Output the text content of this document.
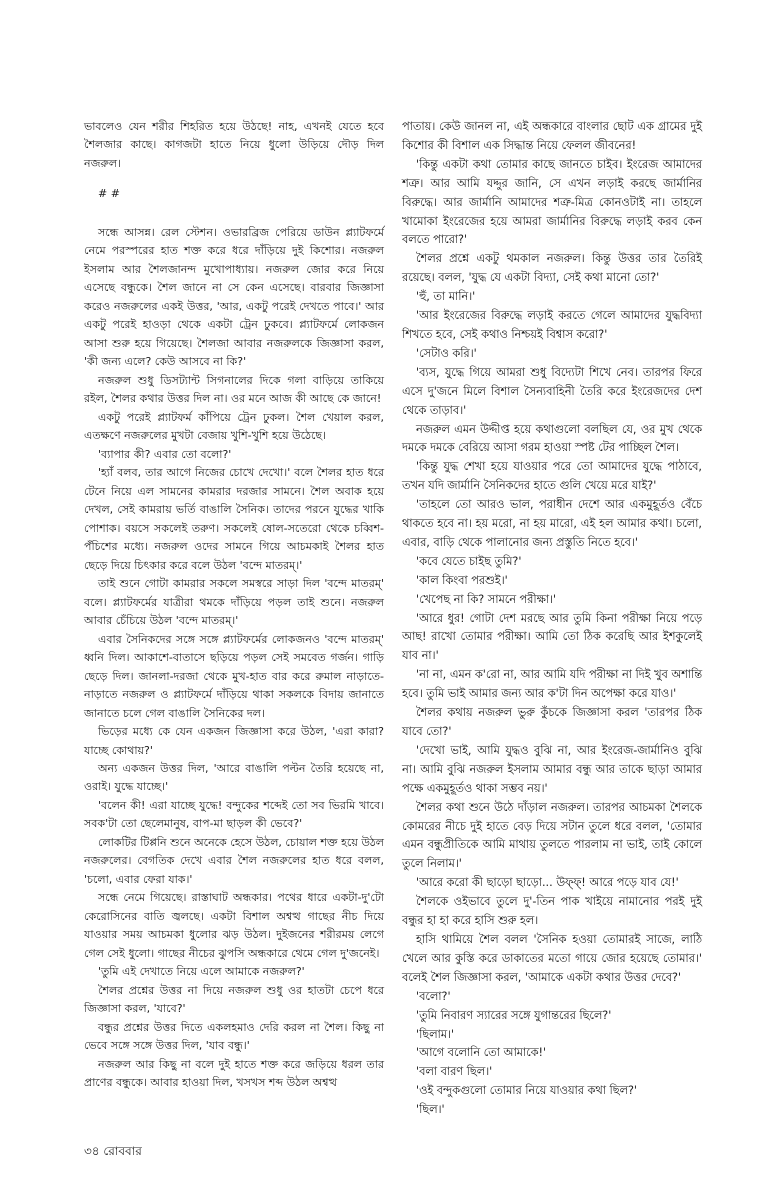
ভাবলেও যেন শরীর শিহরিত হয়ে উঠছে! নাহ, এখনই যেতে হবে শৈলজার কাছে। কাগজটা হাতে নিয়ে ধুলো উড়িয়ে দৌড় দিল নজরুল।

# #

সন্ধে আসন্ন। রেল স্টেশন। ওভারব্রিজ পেরিয়ে ডাউন প্ল্যাটফর্মে নেমে পরস্পরের হাত শক্ত করে ধরে দাঁড়িয়ে দুই কিশোর। নজরুল ইসলাম আর শৈলজানন্দ মুখোপাধ্যায়। নজরুল জোর করে নিয়ে এসেছে বন্ধুকে। শৈল জানে না সে কেন এসেছে। বারবার জিজ্ঞাসা করেও নজরুলের একই উত্তর, 'আর, একটু পরেই দেখতে পাবে।' আর একটু পরেই হাওড়া থেকে একটা ট্রেন ঢুকবে। প্ল্যাটফর্মে লোকজন আসা শুরু হয়ে গিয়েছে। শৈলজা আবার নজরুলকে জিজ্ঞাসা করল, 'কী জন্য এলে? কেউ আসবে না কি?'

নজরুল শুধু ডিসট্যান্ট সিগনালের দিকে গলা বাড়িয়ে তাকিয়ে রইল, শৈলর কথার উত্তর দিল না। ওর মনে আজ কী আছে কে জানে!

একটু পরেই প্ল্যাটফর্ম কাঁপিয়ে ট্রেন ঢুকল। শৈল খেয়াল করল, এতক্ষণে নজরুলের মুখটা বেজায় খুশি-খুশি হয়ে উঠেছে।

'ব্যাপার কী? এবার তো বলো?'

'হ্যাঁ বলব, তার আগে নিজের চোখে দেখো।' বলে শৈলর হাত ধরে টেনে নিয়ে এল সামনের কামরার দরজার সামনে। শৈল অবাক হয়ে দেখল, সেই কামরায় ভর্তি বাঙালি সৈনিক। তাদের পরনে যুদ্ধের খাকি পোশাক। বয়সে সকলেই তরুণ। সকলেই ষোল-সতেরো থেকে চব্বিশ-পঁচিশের মধ্যে। নজরুল ওদের সামনে গিয়ে আচমকাই শৈলর হাত ছেড়ে দিয়ে চিৎকার করে বলে উঠল 'বন্দে মাতরম্।'

তাই শুনে গোটা কামরার সকলে সমস্বরে সাড়া দিল 'বন্দে মাতরম্' বলে। প্ল্যাটফর্মের যাত্রীরা থমকে দাঁড়িয়ে পড়ল তাই শুনে। নজরুল আবার চেঁচিয়ে উঠল 'বন্দে মাতরম্।'

এবার সৈনিকদের সঙ্গে সঙ্গে প্ল্যাটফর্মের লোকজনও 'বন্দে মাতরম্' ধ্বনি দিল। আকাশে-বাতাসে ছড়িয়ে পড়ল সেই সমবেত গর্জন। গাড়ি ছেড়ে দিল। জানলা-দরজা থেকে মুখ-হাত বার করে রুমাল নাড়াতে-নাড়াতে নজরুল ও প্ল্যাটফর্মে দাঁড়িয়ে থাকা সকলকে বিদায় জানাতে জানাতে চলে গেল বাঙালি সৈনিকের দল।

ভিড়ের মধ্যে কে যেন একজন জিজ্ঞাসা করে উঠল, 'এরা কারা? যাচ্ছে কোথায়?'

অন্য একজন উত্তর দিল, 'আরে বাঙালি পল্টন তৈরি হয়েছে না, ওরাই। যুদ্ধে যাচ্ছে।'

'বলেন কী! এরা যাচ্ছে যুদ্ধে! বন্দুকের শব্দেই তো সব ভিরমি খাবে। সবক'টা তো ছেলেমানুষ, বাপ-মা ছাড়ল কী ভেবে?'

লোকটির টিপ্পনি শুনে অনেকে হেসে উঠল, চোয়াল শক্ত হয়ে উঠল নজরুলের। বেগতিক দেখে এবার শৈল নজরুলের হাত ধরে বলল, 'চলো, এবার ফেরা যাক।'

সন্ধে নেমে গিয়েছে। রাস্তাঘাট অন্ধকার। পথের ধারে একটা-দু'টো কেরোসিনের বাতি জ্বলছে। একটা বিশাল অশ্বত্থ গাছের নীচ দিয়ে যাওয়ার সময় আচমকা ধুলোর ঝড় উঠল। দুইজনের শরীরময় লেগে গেল সেই ধুলো। গাছের নীচের ঝুপসি অন্ধকারে থেমে গেল দু'জনেই।

'তুমি এই দেখাতে নিয়ে এলে আমাকে নজরুল?'

শৈলর প্রশ্নের উত্তর না দিয়ে নজরুল শুধু ওর হাতটা চেপে ধরে জিজ্ঞাসা করল, 'যাবে?'

বন্ধুর প্রশ্নের উত্তর দিতে একলহমাও দেরি করল না শৈল। কিছু না ভেবে সঙ্গে সঙ্গে উত্তর দিল, 'যাব বন্ধু।'

নজরুল আর কিছু না বলে দুই হাতে শক্ত করে জড়িয়ে ধরল তার প্রাণের বন্ধুকে। আবার হাওয়া দিল, খসখস শব্দ উঠল অশ্বত্থ

পাতায়। কেউ জানল না, এই অন্ধকারে বাংলার ছোট এক গ্রামের দুই কিশোর কী বিশাল এক সিদ্ধান্ত নিয়ে ফেলল জীবনের!

'কিন্তু একটা কথা তোমার কাছে জানতে চাইব। ইংরেজ আমাদের শত্রু। আর আমি যদ্দুর জানি, সে এখন লড়াই করছে জার্মানির বিরুদ্ধে। আর জার্মানি আমাদের শত্রু-মিত্র কোনওটাই না। তাহলে খামোকা ইংরেজের হয়ে আমরা জার্মানির বিরুদ্ধে লড়াই করব কেন বলতে পারো?'

শৈলর প্রশ্নে একটু থমকাল নজরুল। কিন্তু উত্তর তার তৈরিই রয়েছে। বলল, 'যুদ্ধ যে একটা বিদ্যা, সেই কথা মানো তো?'

'হুঁ, তা মানি।'

'আর ইংরেজের বিরুদ্ধে লড়াই করতে গেলে আমাদের যুদ্ধবিদ্যা শিখতে হবে, সেই কথাও নিশ্চয়ই বিশ্বাস করো?'

'সেটাও করি।'

'ব্যস, যুদ্ধে গিয়ে আমরা শুধু বিদ্যেটা শিখে নেব। তারপর ফিরে এসে দু'জনে মিলে বিশাল সৈন্যবাহিনী তৈরি করে ইংরেজদের দেশ থেকে তাড়াব।'

নজরুল এমন উদ্দীপ্ত হয়ে কথাগুলো বলছিল যে, ওর মুখ থেকে দমকে দমকে বেরিয়ে আসা গরম হাওয়া স্পষ্ট টের পাচ্ছিল শৈল।

'কিন্তু যুদ্ধ শেখা হয়ে যাওয়ার পরে তো আমাদের যুদ্ধে পাঠাবে, তখন যদি জার্মানি সৈনিকদের হাতে গুলি খেয়ে মরে যাই?'

'তাহলে তো আরও ভাল, পরাধীন দেশে আর একমুহূর্তও বেঁচে থাকতে হবে না। হয় মরো, না হয় মারো, এই হল আমার কথা। চলো, এবার, বাড়ি থেকে পালানোর জন্য প্রস্তুতি নিতে হবে।'

'কবে যেতে চাইছ তুমি?'

'কাল কিংবা পরশুই।'

'খেপেছ না কি? সামনে পরীক্ষা।'

'আরে ধুর! গোটা দেশ মরছে আর তুমি কিনা পরীক্ষা নিয়ে পড়ে আছ! রাখো তোমার পরীক্ষা। আমি তো ঠিক করেছি আর ইশকুলেই যাব না।'

'না না, এমন ক'রো না, আর আমি যদি পরীক্ষা না দিই খুব অশান্তি হবে। তুমি ভাই আমার জন্য আর ক'টা দিন অপেক্ষা করে যাও।'

শৈলর কথায় নজরুল ভুরু কুঁচকে জিজ্ঞাসা করল 'তারপর ঠিক যাবে তো?'

'দেখো ভাই, আমি যুদ্ধও বুঝি না, আর ইংরেজ-জার্মানিও বুঝি না। আমি বুঝি নজরুল ইসলাম আমার বন্ধু আর তাকে ছাড়া আমার পক্ষে একমুহূর্তও থাকা সম্ভব নয়।'

শৈলর কথা শুনে উঠে দাঁড়াল নজরুল। তারপর আচমকা শৈলকে কোমরের নীচে দুই হাতে বেড় দিয়ে সটান তুলে ধরে বলল, 'তোমার এমন বন্ধুপ্রীতিকে আমি মাথায় তুলতে পারলাম না ভাই, তাই কোলে তুলে নিলাম।'

'আরে করো কী ছাড়ো ছাড়ো... উফ্‌ফ্! আরে পড়ে যাব যে!'

শৈলকে ওইভাবে তুলে দু'-তিন পাক খাইয়ে নামানোর পরই দুই বন্ধুর হা হা করে হাসি শুরু হল।

হাসি থামিয়ে শৈল বলল 'সৈনিক হওয়া তোমারই সাজে, লাঠি খেলে আর কুস্তি করে ডাকাতের মতো গায়ে জোর হয়েছে তোমার।' বলেই শৈল জিজ্ঞাসা করল, 'আমাকে একটা কথার উত্তর দেবে?'

'বলো?'

'তুমি নিবারণ স্যারের সঙ্গে যুগান্তরের ছিলে?'

'ছিলাম।'

'আগে বলোনি তো আমাকে!'

'বলা বারণ ছিল।'

'ওই বন্দুকগুলো তোমার নিয়ে যাওয়ার কথা ছিল?'

'ছিল।'

৩৪ রোববার
